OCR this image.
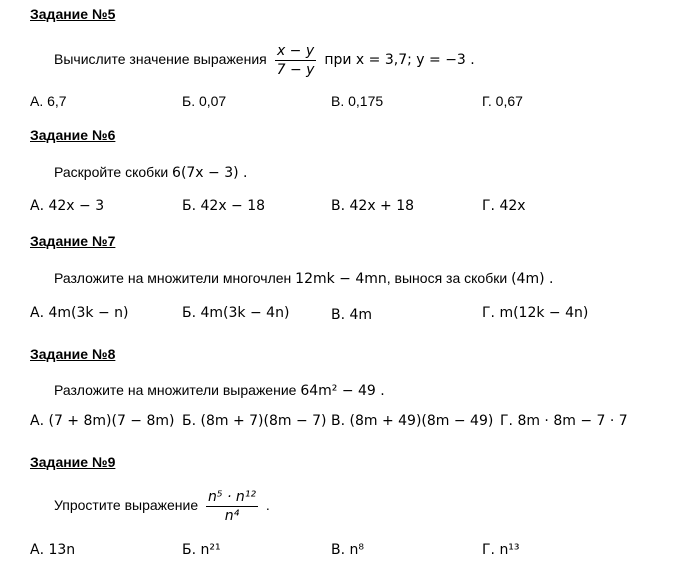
Задание №5
Вычислите значение выражения $\frac{x - y}{7 - y}$ при x = 3,7; y = −3 .
А. 6,7	Б. 0,07	В. 0,175	Г. 0,67
Задание №6
Раскройте скобки 6(7x − 3) .
А. 42x − 3	Б. 42x − 18	В. 42x + 18	Г. 42x
Задание №7
Разложите на множители многочлен 12mk − 4mn, вынося за скобки (4m) .
А. 4m(3k − n)	Б. 4m(3k − 4n)	В. 4m	Г. m(12k − 4n)
Задание №8
Разложите на множители выражение 64m² − 49 .
А. (7 + 8m)(7 − 8m) Б. (8m + 7)(8m − 7) В. (8m + 49)(8m − 49) Г. 8m · 8m − 7 · 7
Задание №9
Упростите выражение $\frac{\text{n⁵ · n¹²}}{\text{n⁴}}$ .
А. 13n	Б. n²¹	В. n⁸	Г. n¹³
